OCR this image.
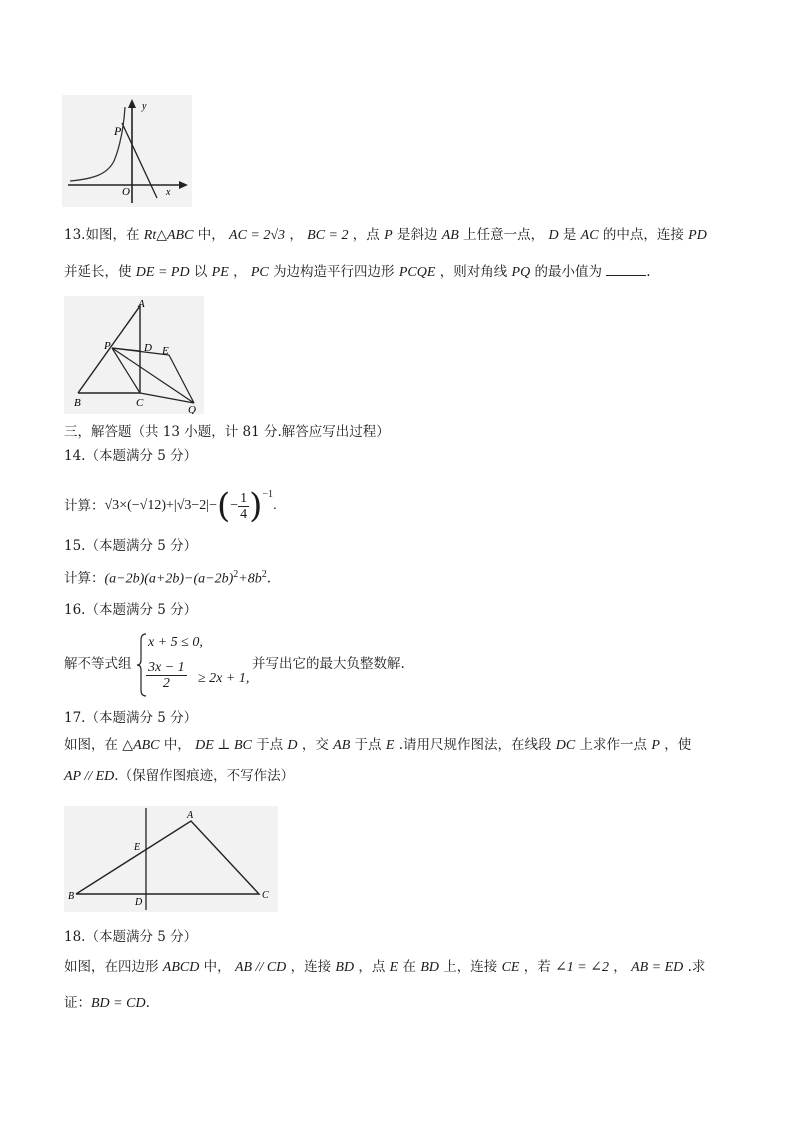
y
P
O	x
13.如图，在 Rt△ABC 中， AC = 2√3 ， BC = 2 ，点 P 是斜边 AB 上任意一点， D 是 AC 的中点，连接 PD
并延长，使 DE = PD 以 PE ， PC 为边构造平行四边形 PCQE ，则对角线 PQ 的最小值为	.
A
P	D E
B	C
Q
三，解答题（共 13 小题，计 81 分.解答应写出过程）
14.（本题满分 5 分）
计算： √3 ×(− √12 )+| √3 −2|− ( − $\frac{1}{4} )^{-1}$
.
15.（本题满分 5 分）
计算：$(a-2b)(a+2b)-(a-2b)^2+8b^2$.
16.（本题满分 5 分）
解不等式组
x + 5 ≤ 0,
$\frac{3x - 1}{2} \ge 2x + 1$,
并写出它的最大负整数解.
17.（本题满分 5 分）
如图，在 △ABC 中， DE ⊥ BC 于点 D ，交 AB 于点 E .请用尺规作图法，在线段 DC 上求作一点 P ，使
AP // ED.（保留作图痕迹，不写作法）
A
E
B
D
C
18.（本题满分 5 分）
如图，在四边形 ABCD 中， AB // CD ，连接 BD ，点 E 在 BD 上，连接 CE ，若 ∠1 = ∠2 ， AB = ED .求
证：BD = CD.
